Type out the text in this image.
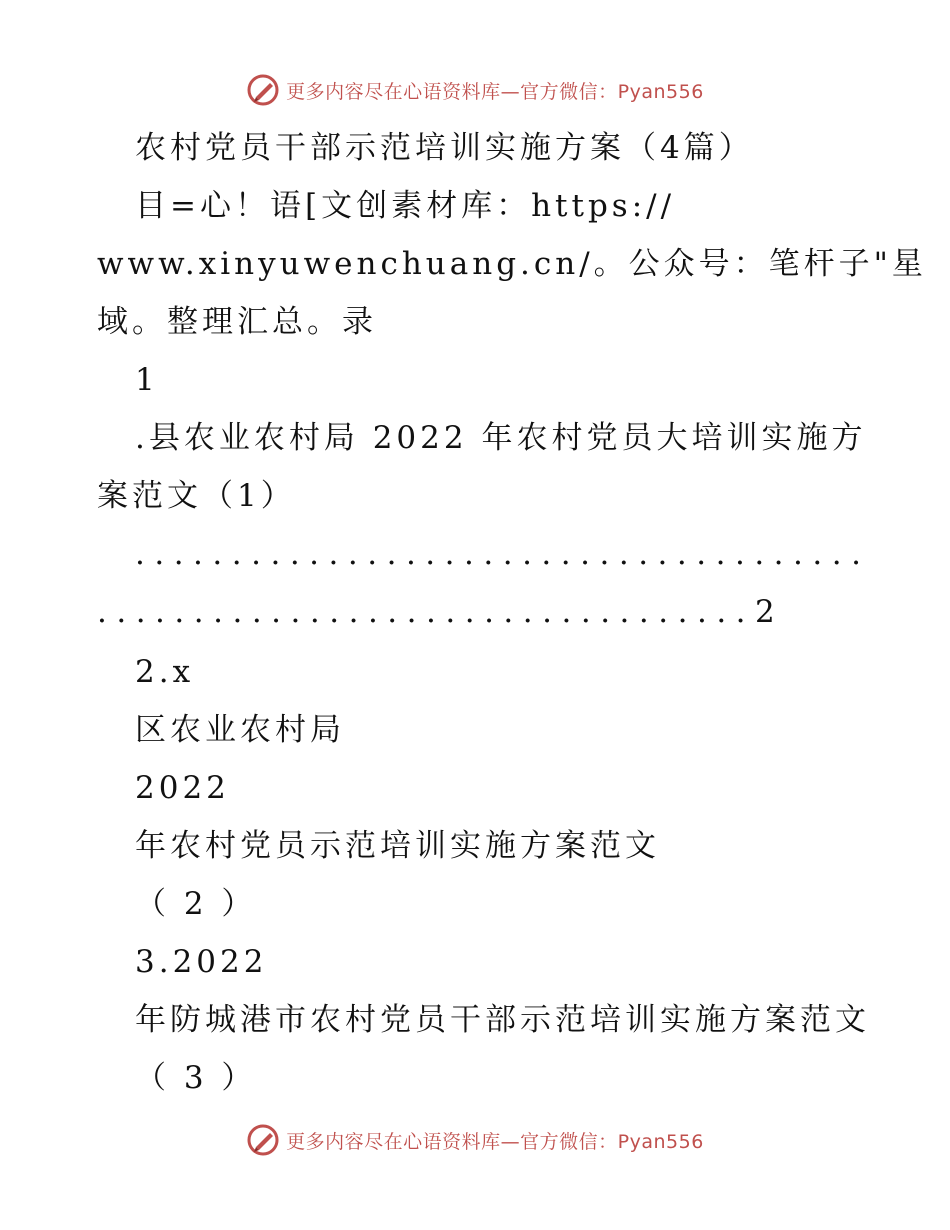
更多内容尽在心语资料库—官方微信：Pyan556
农村党员干部示范培训实施方案（4篇）
目=心！语[文创素材库：https://
www.xinyuwenchuang.cn/。公众号：笔杆子"星
域。整理汇总。录
1
.县农业农村局 2022 年农村党员大培训实施方
案范文（1）
......................................
..................................2
2.x
区农业农村局
2022
年农村党员示范培训实施方案范文
（ 2 ）
3.2022
年防城港市农村党员干部示范培训实施方案范文
（ 3 ）
更多内容尽在心语资料库—官方微信：Pyan556
